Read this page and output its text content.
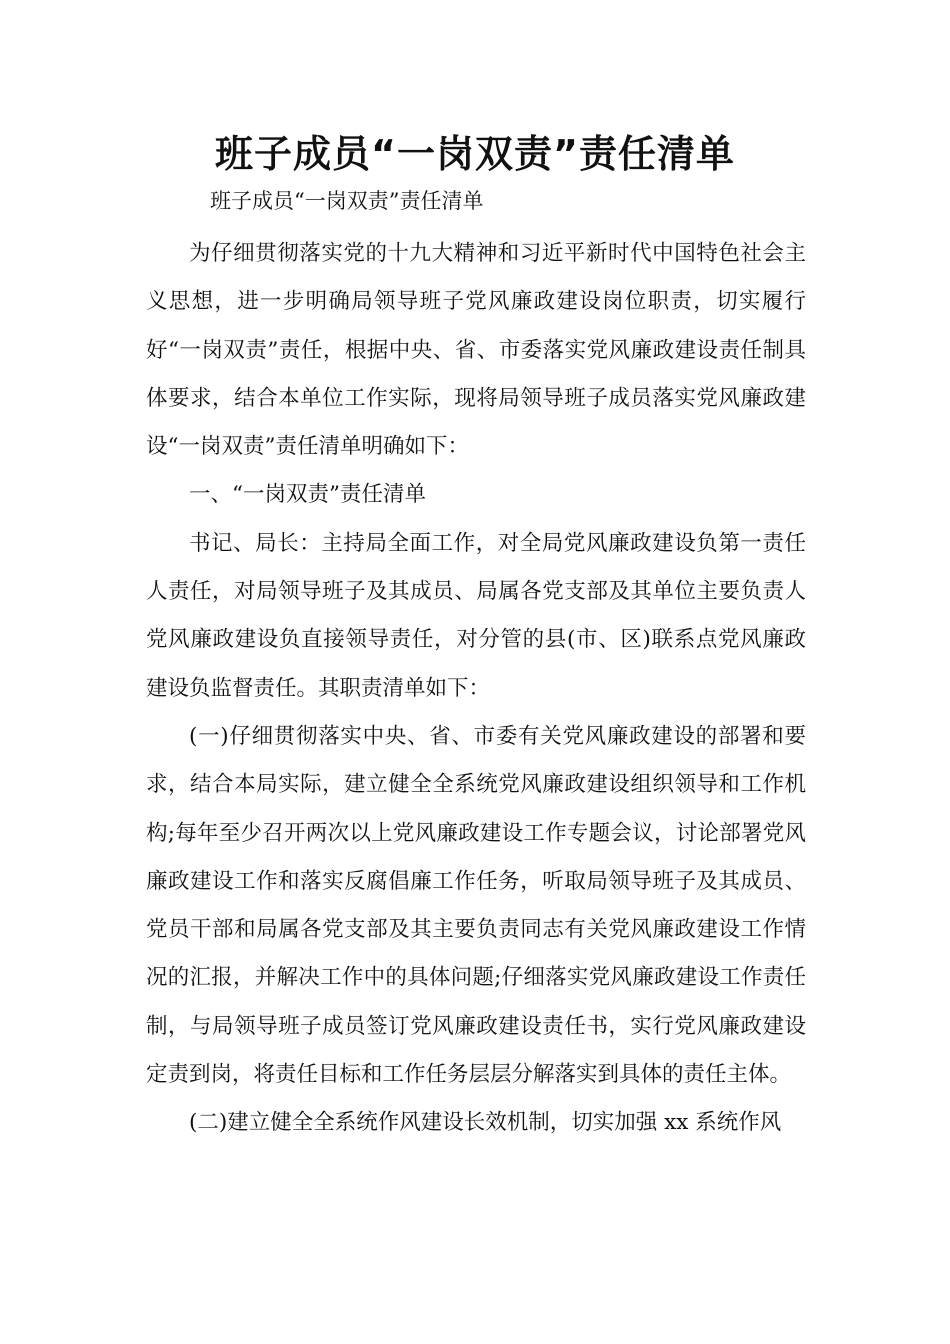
班子成员“一岗双责”责任清单
班子成员“一岗双责”责任清单

为仔细贯彻落实党的十九大精神和习近平新时代中国特色社会主义思想，进一步明确局领导班子党风廉政建设岗位职责，切实履行好“一岗双责”责任，根据中央、省、市委落实党风廉政建设责任制具体要求，结合本单位工作实际，现将局领导班子成员落实党风廉政建设“一岗双责”责任清单明确如下：

一、“一岗双责”责任清单

书记、局长：主持局全面工作，对全局党风廉政建设负第一责任人责任，对局领导班子及其成员、局属各党支部及其单位主要负责人党风廉政建设负直接领导责任，对分管的县(市、区)联系点党风廉政建设负监督责任。其职责清单如下：

(一)仔细贯彻落实中央、省、市委有关党风廉政建设的部署和要求，结合本局实际，建立健全全系统党风廉政建设组织领导和工作机构;每年至少召开两次以上党风廉政建设工作专题会议，讨论部署党风廉政建设工作和落实反腐倡廉工作任务，听取局领导班子及其成员、党员干部和局属各党支部及其主要负责同志有关党风廉政建设工作情况的汇报，并解决工作中的具体问题;仔细落实党风廉政建设工作责任制，与局领导班子成员签订党风廉政建设责任书，实行党风廉政建设定责到岗，将责任目标和工作任务层层分解落实到具体的责任主体。

(二)建立健全全系统作风建设长效机制，切实加强 xx 系统作风
